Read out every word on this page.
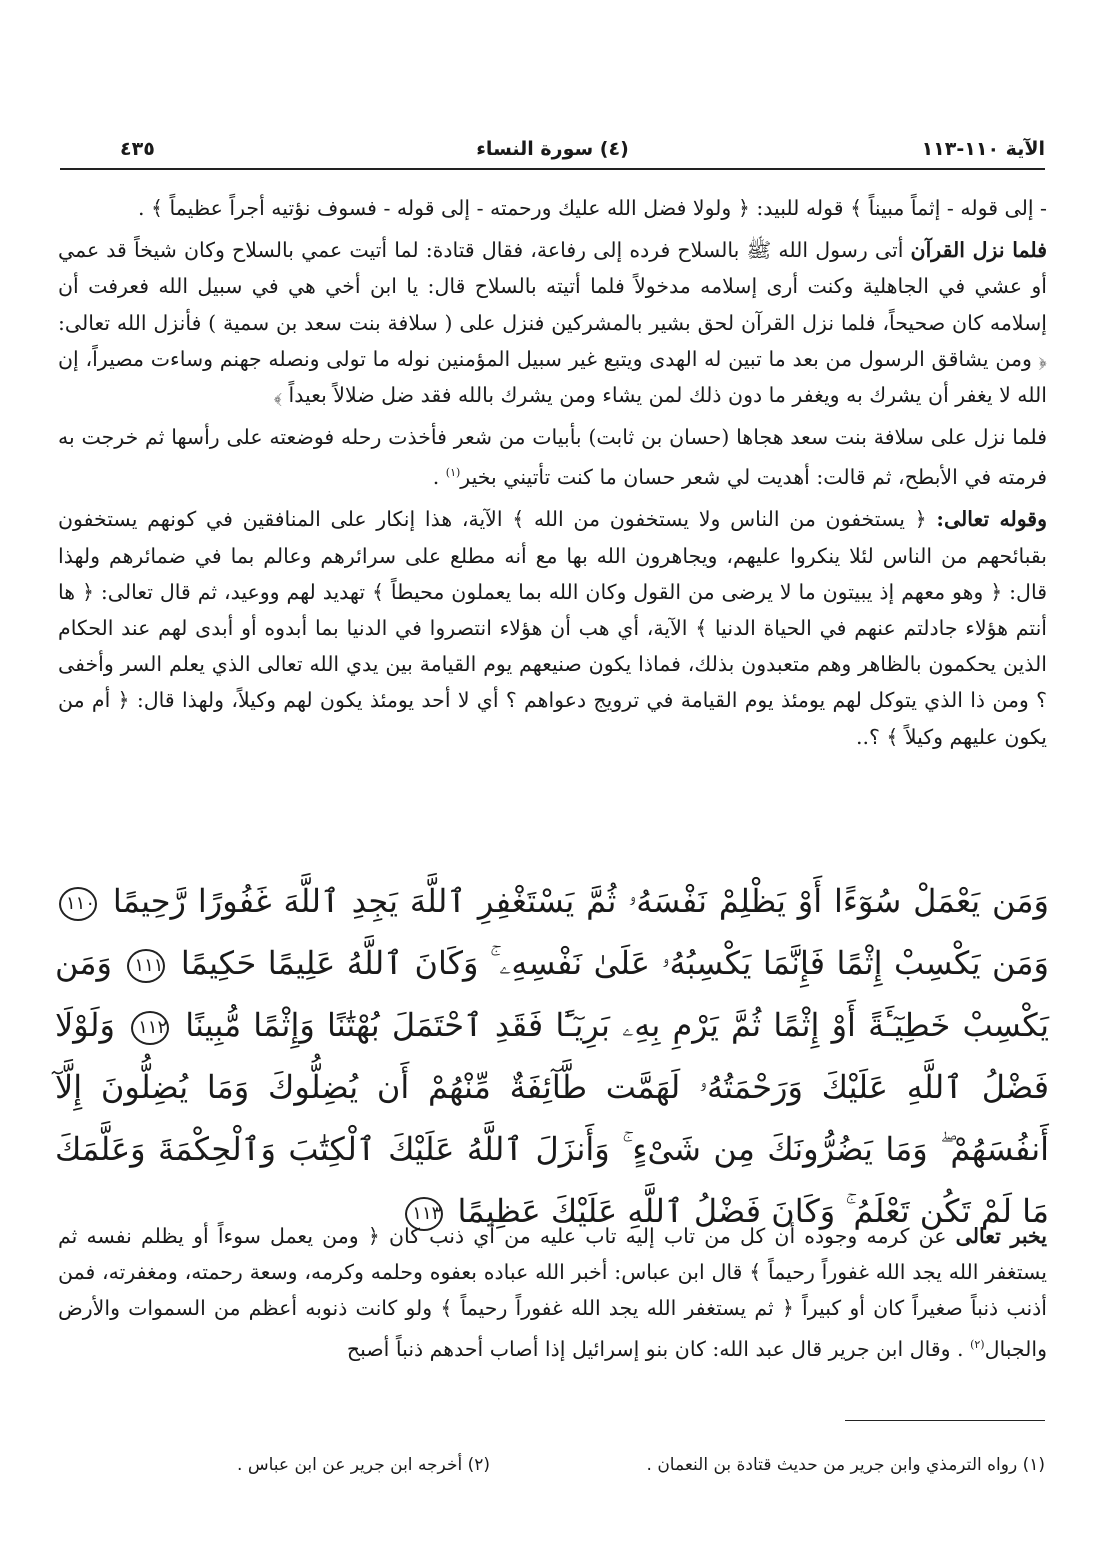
الآية ١١٠-١١٣
(٤) سورة النساء
٤٣٥

- إلى قوله - إثماً مبيناً ﴾ قوله للبيد: ﴿ ولولا فضل الله عليك ورحمته - إلى قوله - فسوف نؤتيه أجراً عظيماً ﴾ .

فلما نزل القرآن أتى رسول الله ﷺ بالسلاح فرده إلى رفاعة، فقال قتادة: لما أتيت عمي بالسلاح وكان شيخاً قد عمي أو عشي في الجاهلية وكنت أرى إسلامه مدخولاً فلما أتيته بالسلاح قال: يا ابن أخي هي في سبيل الله فعرفت أن إسلامه كان صحيحاً، فلما نزل القرآن لحق بشير بالمشركين فنزل على ( سلافة بنت سعد بن سمية ) فأنزل الله تعالى: ﴿ ومن يشاقق الرسول من بعد ما تبين له الهدى ويتبع غير سبيل المؤمنين نوله ما تولى ونصله جهنم وساءت مصيراً، إن الله لا يغفر أن يشرك به ويغفر ما دون ذلك لمن يشاء ومن يشرك بالله فقد ضل ضلالاً بعيداً ﴾

فلما نزل على سلافة بنت سعد هجاها (حسان بن ثابت) بأبيات من شعر فأخذت رحله فوضعته على رأسها ثم خرجت به فرمته في الأبطح، ثم قالت: أهديت لي شعر حسان ما كنت تأتيني بخير$^{(١)}$ .

وقوله تعالى: ﴿ يستخفون من الناس ولا يستخفون من الله ﴾ الآية، هذا إنكار على المنافقين في كونهم يستخفون بقبائحهم من الناس لئلا ينكروا عليهم، ويجاهرون الله بها مع أنه مطلع على سرائرهم وعالم بما في ضمائرهم ولهذا قال: ﴿ وهو معهم إذ يبيتون ما لا يرضى من القول وكان الله بما يعملون محيطاً ﴾ تهديد لهم ووعيد، ثم قال تعالى: ﴿ ها أنتم هؤلاء جادلتم عنهم في الحياة الدنيا ﴾ الآية، أي هب أن هؤلاء انتصروا في الدنيا بما أبدوه أو أبدى لهم عند الحكام الذين يحكمون بالظاهر وهم متعبدون بذلك، فماذا يكون صنيعهم يوم القيامة بين يدي الله تعالى الذي يعلم السر وأخفى ؟ ومن ذا الذي يتوكل لهم يومئذ يوم القيامة في ترويج دعواهم ؟ أي لا أحد يومئذ يكون لهم وكيلاً، ولهذا قال: ﴿ أم من يكون عليهم وكيلاً ﴾ ؟..

وَمَن يَعْمَلْ سُوٓءًا أَوْ يَظْلِمْ نَفْسَهُۥ ثُمَّ يَسْتَغْفِرِ ٱللَّهَ يَجِدِ ٱللَّهَ غَفُورًا رَّحِيمًا ١١٠ وَمَن يَكْسِبْ إِثْمًا فَإِنَّمَا يَكْسِبُهُۥ عَلَىٰ نَفْسِهِۦ ۚ وَكَانَ ٱللَّهُ عَلِيمًا حَكِيمًا ١١١ وَمَن يَكْسِبْ خَطِيٓـَٔةً أَوْ إِثْمًا ثُمَّ يَرْمِ بِهِۦ بَرِيٓـًٔا فَقَدِ ٱحْتَمَلَ بُهْتَٰنًا وَإِثْمًا مُّبِينًا ١١٢ وَلَوْلَا فَضْلُ ٱللَّهِ عَلَيْكَ وَرَحْمَتُهُۥ لَهَمَّت طَّآئِفَةٌ مِّنْهُمْ أَن يُضِلُّوكَ وَمَا يُضِلُّونَ إِلَّآ أَنفُسَهُمْ ۖ وَمَا يَضُرُّونَكَ مِن شَىْءٍ ۚ وَأَنزَلَ ٱللَّهُ عَلَيْكَ ٱلْكِتَٰبَ وَٱلْحِكْمَةَ وَعَلَّمَكَ مَا لَمْ تَكُن تَعْلَمُ ۚ وَكَانَ فَضْلُ ٱللَّهِ عَلَيْكَ عَظِيمًا ١١٣

يخبر تعالى عن كرمه وجوده أن كل من تاب إليه تاب عليه من أي ذنب كان ﴿ ومن يعمل سوءاً أو يظلم نفسه ثم يستغفر الله يجد الله غفوراً رحيماً ﴾ قال ابن عباس: أخبر الله عباده بعفوه وحلمه وكرمه، وسعة رحمته، ومغفرته، فمن أذنب ذنباً صغيراً كان أو كبيراً ﴿ ثم يستغفر الله يجد الله غفوراً رحيماً ﴾ ولو كانت ذنوبه أعظم من السموات والأرض والجبال$^{(٢)}$ . وقال ابن جرير قال عبد الله: كان بنو إسرائيل إذا أصاب أحدهم ذنباً أصبح

(١) رواه الترمذي وابن جرير من حديث قتادة بن النعمان .
(٢) أخرجه ابن جرير عن ابن عباس .
